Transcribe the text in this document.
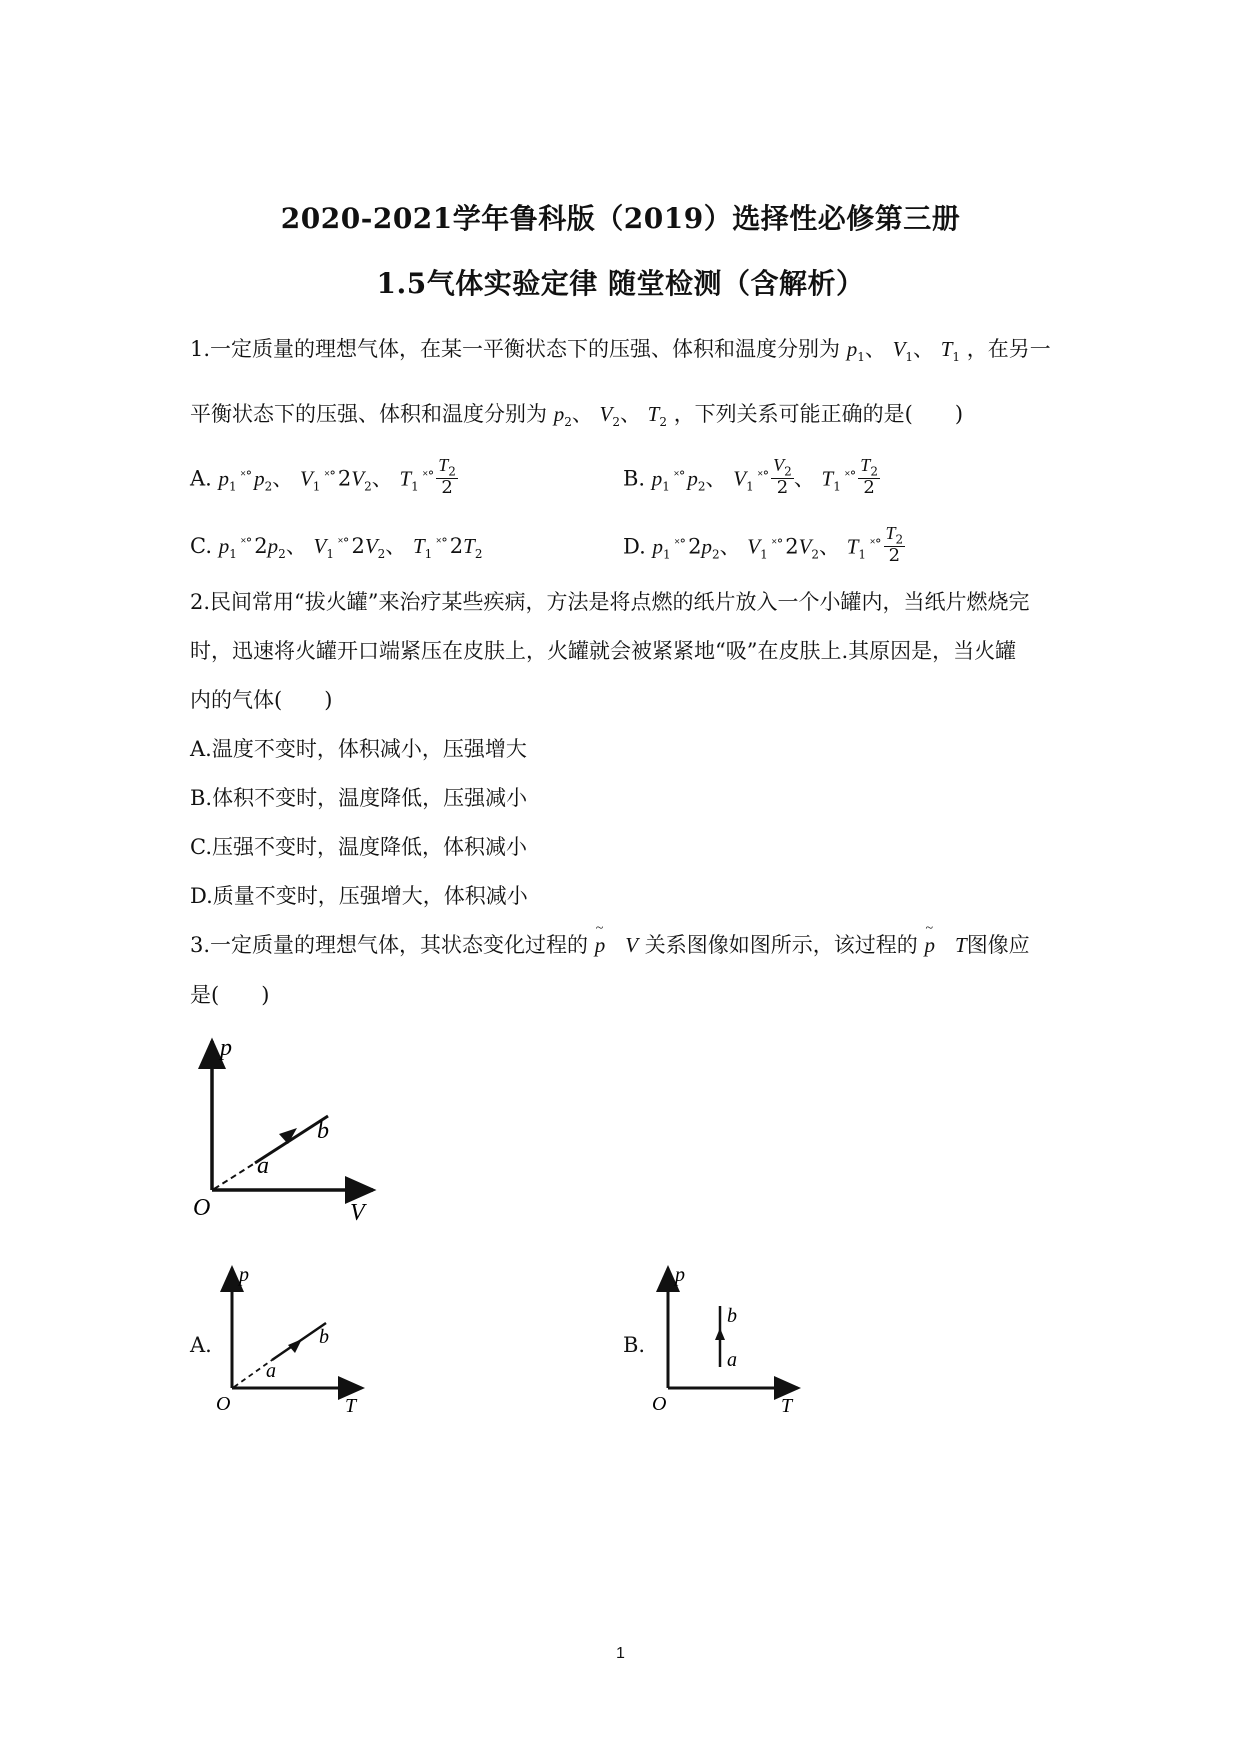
2020-2021学年鲁科版（2019）选择性必修第三册
1.5气体实验定律 随堂检测（含解析）
1.一定质量的理想气体，在某一平衡状态下的压强、体积和温度分别为 $p_1$、 $V_1$、 $T_1$ ，在另一
平衡状态下的压强、体积和温度分别为 $p_2$、 $V_2$、 $T_2$ ，下列关系可能正确的是(　　)
A. $p_1^{˟^\circ}p_2$、 $V_1^{˟^\circ}2V_2$、 $T_1^{˟^\circ} \frac{T_2}{2}$	B. $p_1^{˟^\circ}p_2$、 $V_1^{˟^\circ} \frac{V_2}{2}$ 、 $T_1^{˟^\circ} \frac{T_2}{2}$
C. $p_1^{˟^\circ}2p_2$、 $V_1^{˟^\circ}2V_2$、 $T_1^{˟^\circ}2T_2$	D. $p_1^{˟^\circ}2p_2$、 $V_1^{˟^\circ}2V_2$、 $T_1^{˟^\circ} \frac{T_2}{2}$
2.民间常用“拔火罐”来治疗某些疾病，方法是将点燃的纸片放入一个小罐内，当纸片燃烧完
时，迅速将火罐开口端紧压在皮肤上，火罐就会被紧紧地“吸”在皮肤上.其原因是，当火罐
内的气体(　　)
A.温度不变时，体积减小，压强增大
B.体积不变时，温度降低，压强减小
C.压强不变时，温度降低，体积减小
D.质量不变时，压强增大，体积减小
3.一定质量的理想气体，其状态变化过程的 ~ p V 关系图像如图所示，该过程的 ~ p T图像应
是(　　)
p
V
O
a
b
A.
p
T
O
a
b	B.
p
T
O
a
b
1
